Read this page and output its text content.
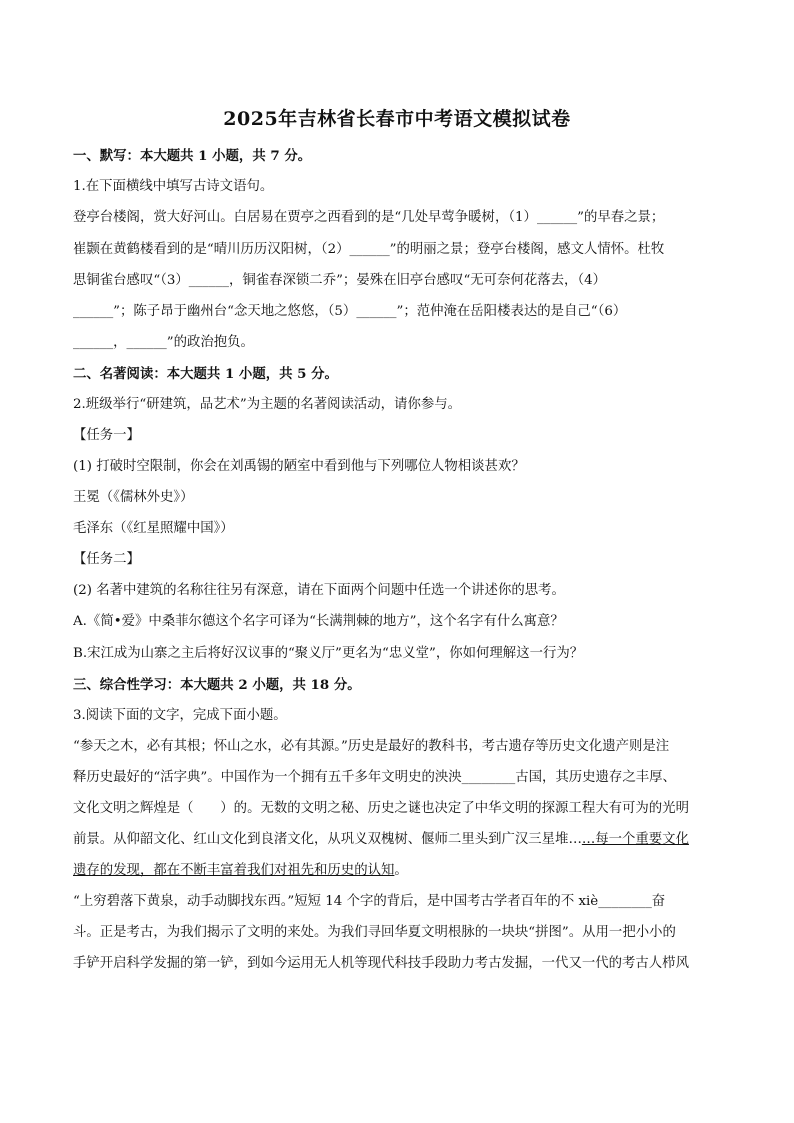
2025年吉林省长春市中考语文模拟试卷
一、默写：本大题共 1 小题，共 7 分。
1.在下面横线中填写古诗文语句。
登亭台楼阁，赏大好河山。白居易在贾亭之西看到的是“几处早莺争暖树，（1）______”的早春之景；
崔颢在黄鹤楼看到的是“晴川历历汉阳树，（2）______”的明丽之景；登亭台楼阁，感文人情怀。杜牧
思铜雀台感叹“（3）______，铜雀春深锁二乔”；晏殊在旧亭台感叹“无可奈何花落去，（4）
______”；陈子昂于幽州台“念天地之悠悠，（5）______”；范仲淹在岳阳楼表达的是自己“（6）
______，______”的政治抱负。
二、名著阅读：本大题共 1 小题，共 5 分。
2.班级举行“研建筑，品艺术”为主题的名著阅读活动，请你参与。
【任务一】
(1) 打破时空限制，你会在刘禹锡的陋室中看到他与下列哪位人物相谈甚欢？
王冕（《儒林外史》）
毛泽东（《红星照耀中国》）
【任务二】
(2) 名著中建筑的名称往往另有深意，请在下面两个问题中任选一个讲述你的思考。
A.《简•爱》中桑菲尔德这个名字可译为“长满荆棘的地方”，这个名字有什么寓意？
B.宋江成为山寨之主后将好汉议事的“聚义厅”更名为“忠义堂”，你如何理解这一行为？
三、综合性学习：本大题共 2 小题，共 18 分。
3.阅读下面的文字，完成下面小题。
“参天之木，必有其根；怀山之水，必有其源。”历史是最好的教科书，考古遗存等历史文化遗产则是注
释历史最好的“活字典”。中国作为一个拥有五千多年文明史的泱泱________古国，其历史遗存之丰厚、
文化文明之辉煌是（　　）的。无数的文明之秘、历史之谜也决定了中华文明的探源工程大有可为的光明
前景。从仰韶文化、红山文化到良渚文化，从巩义双槐树、偃师二里头到广汉三星堆……每一个重要文化
遗存的发现，都在不断丰富着我们对祖先和历史的认知。
“上穷碧落下黄泉，动手动脚找东西。”短短 14 个字的背后，是中国考古学者百年的不 xiè________奋
斗。正是考古，为我们揭示了文明的来处。为我们寻回华夏文明根脉的一块块“拼图”。从用一把小小的
手铲开启科学发掘的第一铲，到如今运用无人机等现代科技手段助力考古发掘，一代又一代的考古人栉风
